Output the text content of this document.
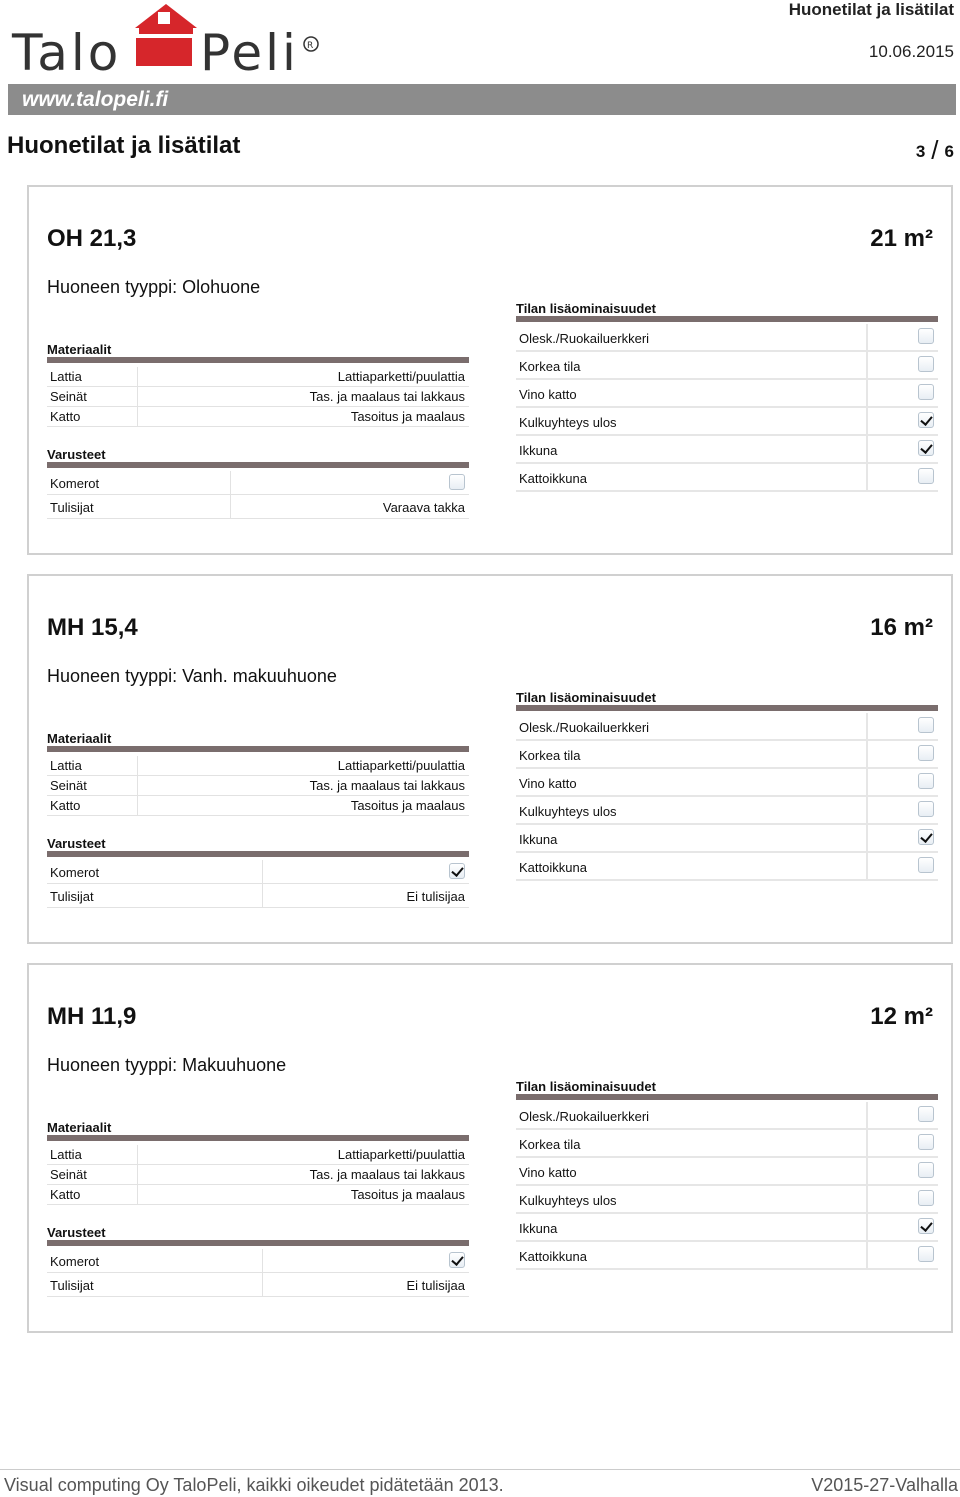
Talo Peli R
Huonetilat ja lisätilat
10.06.2015
www.talopeli.fi
Huonetilat ja lisätilat	3 / 6
OH 21,3	21 m²
Huoneen tyyppi: Olohuone
Materiaalit
Lattia	Lattiaparketti/puulattia
Seinät	Tas. ja maalaus tai lakkaus
Katto	Tasoitus ja maalaus
Varusteet
Komerot
Tulisijat	Varaava takka
Tilan lisäominaisuudet
Olesk./Ruokailuerkkeri
Korkea tila
Vino katto
Kulkuyhteys ulos
Ikkuna
Kattoikkuna
MH 15,4	16 m²
Huoneen tyyppi: Vanh. makuuhuone
Materiaalit
Lattia	Lattiaparketti/puulattia
Seinät	Tas. ja maalaus tai lakkaus
Katto	Tasoitus ja maalaus
Varusteet
Komerot
Tulisijat	Ei tulisijaa
Tilan lisäominaisuudet
Olesk./Ruokailuerkkeri
Korkea tila
Vino katto
Kulkuyhteys ulos
Ikkuna
Kattoikkuna
MH 11,9	12 m²
Huoneen tyyppi: Makuuhuone
Materiaalit
Lattia	Lattiaparketti/puulattia
Seinät	Tas. ja maalaus tai lakkaus
Katto	Tasoitus ja maalaus
Varusteet
Komerot
Tulisijat	Ei tulisijaa
Tilan lisäominaisuudet
Olesk./Ruokailuerkkeri
Korkea tila
Vino katto
Kulkuyhteys ulos
Ikkuna
Kattoikkuna
Visual computing Oy TaloPeli, kaikki oikeudet pidätetään 2013.	V2015-27-Valhalla
